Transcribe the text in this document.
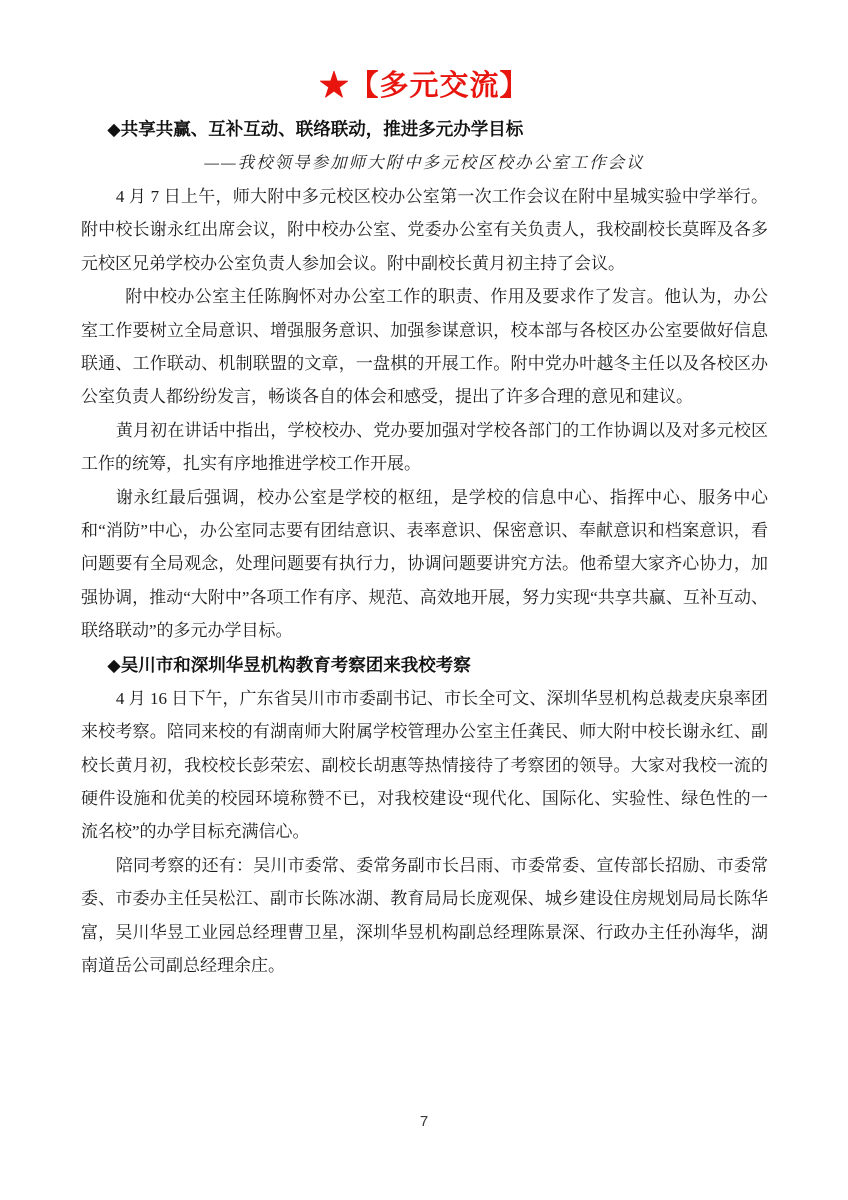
★【多元交流】
◆共享共赢、互补互动、联络联动，推进多元办学目标
——我校领导参加师大附中多元校区校办公室工作会议

4 月 7 日上午，师大附中多元校区校办公室第一次工作会议在附中星城实验中学举行。附中校长谢永红出席会议，附中校办公室、党委办公室有关负责人，我校副校长莫晖及各多元校区兄弟学校办公室负责人参加会议。附中副校长黄月初主持了会议。

附中校办公室主任陈胸怀对办公室工作的职责、作用及要求作了发言。他认为，办公室工作要树立全局意识、增强服务意识、加强参谋意识，校本部与各校区办公室要做好信息联通、工作联动、机制联盟的文章，一盘棋的开展工作。附中党办叶越冬主任以及各校区办公室负责人都纷纷发言，畅谈各自的体会和感受，提出了许多合理的意见和建议。

黄月初在讲话中指出，学校校办、党办要加强对学校各部门的工作协调以及对多元校区工作的统筹，扎实有序地推进学校工作开展。

谢永红最后强调，校办公室是学校的枢纽，是学校的信息中心、指挥中心、服务中心和“消防”中心，办公室同志要有团结意识、表率意识、保密意识、奉献意识和档案意识，看问题要有全局观念，处理问题要有执行力，协调问题要讲究方法。他希望大家齐心协力，加强协调，推动“大附中”各项工作有序、规范、高效地开展，努力实现“共享共赢、互补互动、联络联动”的多元办学目标。

◆吴川市和深圳华昱机构教育考察团来我校考察

4 月 16 日下午，广东省吴川市市委副书记、市长全可文、深圳华昱机构总裁麦庆泉率团来校考察。陪同来校的有湖南师大附属学校管理办公室主任龚民、师大附中校长谢永红、副校长黄月初，我校校长彭荣宏、副校长胡惠等热情接待了考察团的领导。大家对我校一流的硬件设施和优美的校园环境称赞不已，对我校建设“现代化、国际化、实验性、绿色性的一流名校”的办学目标充满信心。

陪同考察的还有：吴川市委常、委常务副市长吕雨、市委常委、宣传部长招励、市委常委、市委办主任吴松江、副市长陈冰湖、教育局局长庞观保、城乡建设住房规划局局长陈华富，吴川华昱工业园总经理曹卫星，深圳华昱机构副总经理陈景深、行政办主任孙海华，湖南道岳公司副总经理余庄。

7
